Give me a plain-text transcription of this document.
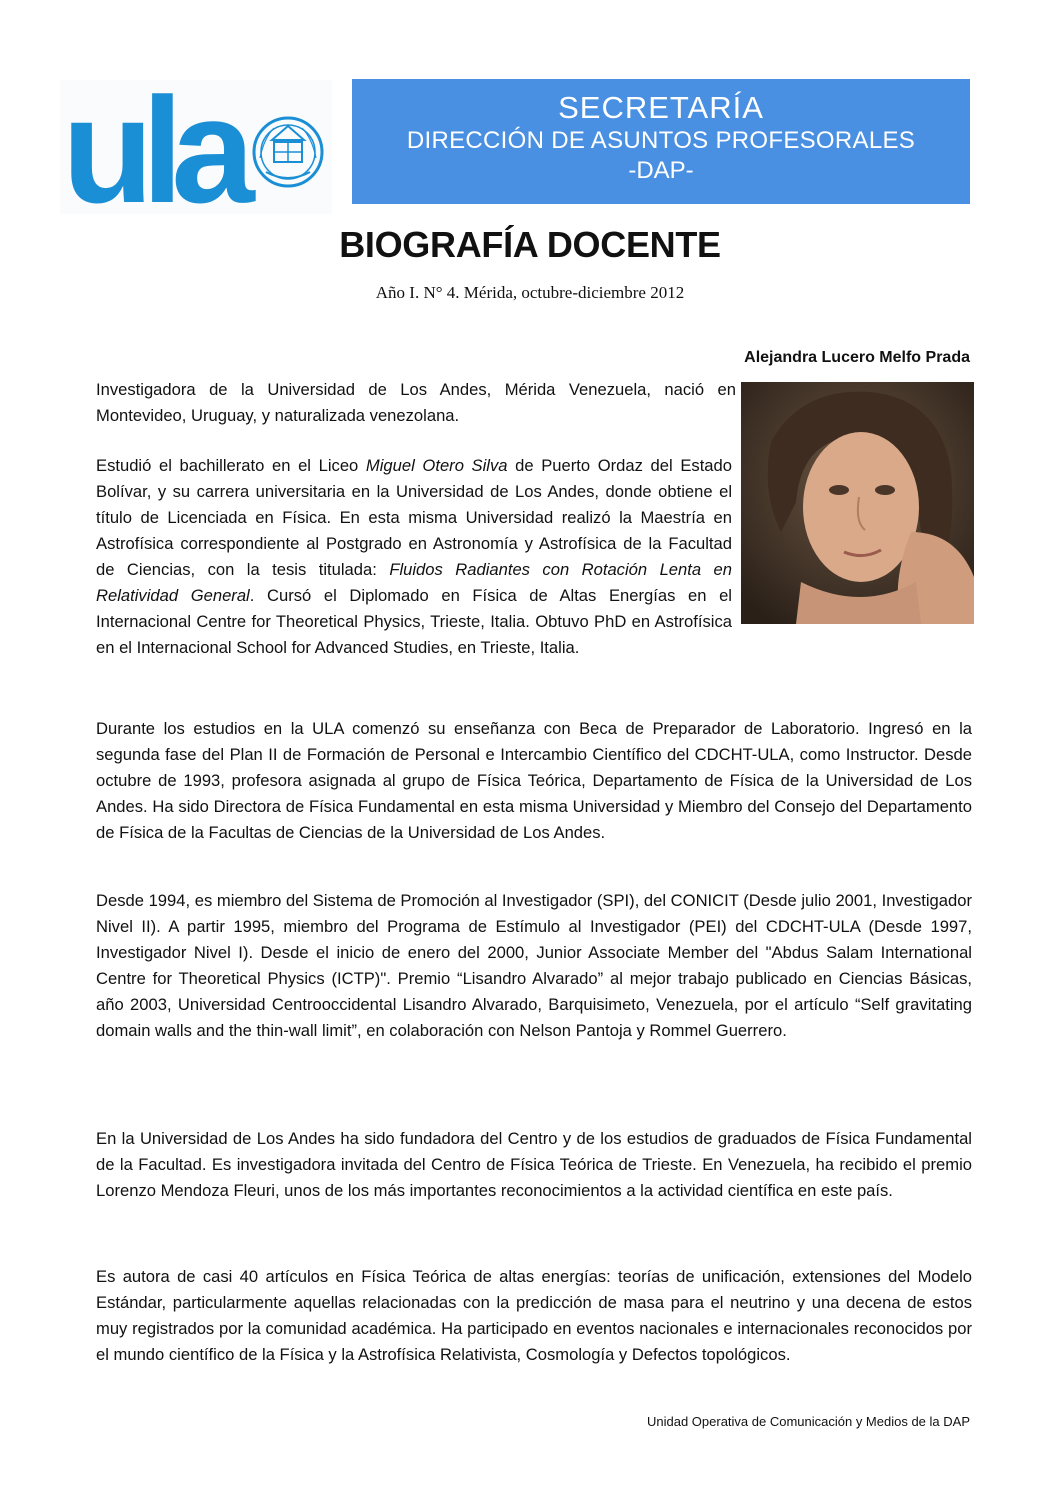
ula	SECRETARÍA
DIRECCIÓN DE ASUNTOS PROFESORALES
-DAP-
BIOGRAFÍA DOCENTE
Año I. N° 4. Mérida, octubre-diciembre 2012
Alejandra Lucero Melfo Prada

Investigadora de la Universidad de Los Andes, Mérida Venezuela, nació en Montevideo, Uruguay, y naturalizada venezolana.

Estudió el bachillerato en el Liceo Miguel Otero Silva de Puerto Ordaz del Estado Bolívar, y su carrera universitaria en la Universidad de Los Andes, donde obtiene el título de Licenciada en Física. En esta misma Universidad realizó la Maestría en Astrofísica correspondiente al Postgrado en Astronomía y Astrofísica de la Facultad de Ciencias, con la tesis titulada: Fluidos Radiantes con Rotación Lenta en Relatividad General. Cursó el Diplomado en Física de Altas Energías en el Internacional Centre for Theoretical Physics, Trieste, Italia. Obtuvo PhD en Astrofísica en el Internacional School for Advanced Studies, en Trieste, Italia.

Durante los estudios en la ULA comenzó su enseñanza con Beca de Preparador de Laboratorio. Ingresó en la segunda fase del Plan II de Formación de Personal e Intercambio Científico del CDCHT-ULA, como Instructor. Desde octubre de 1993, profesora asignada al grupo de Física Teórica, Departamento de Física de la Universidad de Los Andes. Ha sido Directora de Física Fundamental en esta misma Universidad y Miembro del Consejo del Departamento de Física de la Facultas de Ciencias de la Universidad de Los Andes.

Desde 1994, es miembro del Sistema de Promoción al Investigador (SPI), del CONICIT (Desde julio 2001, Investigador Nivel II). A partir 1995, miembro del Programa de Estímulo al Investigador (PEI) del CDCHT-ULA (Desde 1997, Investigador Nivel I). Desde el inicio de enero del 2000, Junior Associate Member del "Abdus Salam International Centre for Theoretical Physics (ICTP)". Premio “Lisandro Alvarado” al mejor trabajo publicado en Ciencias Básicas, año 2003, Universidad Centrooccidental Lisandro Alvarado, Barquisimeto, Venezuela, por el artículo “Self gravitating domain walls and the thin-wall limit”, en colaboración con Nelson Pantoja y Rommel Guerrero.

En la Universidad de Los Andes ha sido fundadora del Centro y de los estudios de graduados de Física Fundamental de la Facultad. Es investigadora invitada del Centro de Física Teórica de Trieste. En Venezuela, ha recibido el premio Lorenzo Mendoza Fleuri, unos de los más importantes reconocimientos a la actividad científica en este país.

Es autora de casi 40 artículos en Física Teórica de altas energías: teorías de unificación, extensiones del Modelo Estándar, particularmente aquellas relacionadas con la predicción de masa para el neutrino y una decena de estos muy registrados por la comunidad académica. Ha participado en eventos nacionales e internacionales reconocidos por el mundo científico de la Física y la Astrofísica Relativista, Cosmología y Defectos topológicos.

Unidad Operativa de Comunicación y Medios de la DAP
